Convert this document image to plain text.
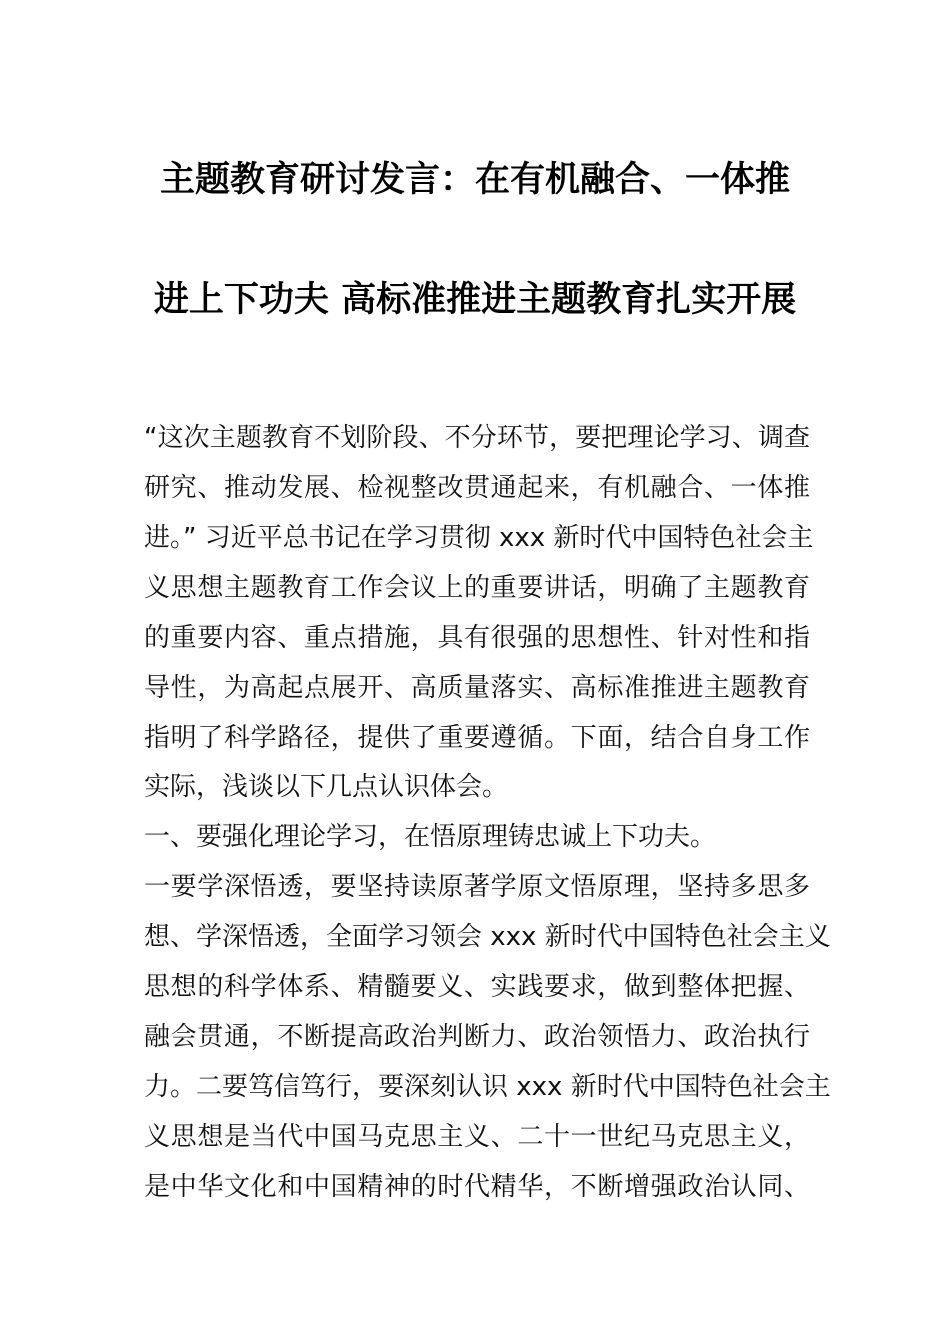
主题教育研讨发言：在有机融合、一体推
进上下功夫 高标准推进主题教育扎实开展
“这次主题教育不划阶段、不分环节，要把理论学习、调查
研究、推动发展、检视整改贯通起来，有机融合、一体推
进。” 习近平总书记在学习贯彻 xxx 新时代中国特色社会主
义思想主题教育工作会议上的重要讲话，明确了主题教育
的重要内容、重点措施，具有很强的思想性、针对性和指
导性，为高起点展开、高质量落实、高标准推进主题教育
指明了科学路径，提供了重要遵循。下面，结合自身工作
实际，浅谈以下几点认识体会。
一、要强化理论学习，在悟原理铸忠诚上下功夫。
一要学深悟透，要坚持读原著学原文悟原理，坚持多思多
想、学深悟透，全面学习领会 xxx 新时代中国特色社会主义
思想的科学体系、精髓要义、实践要求，做到整体把握、
融会贯通，不断提高政治判断力、政治领悟力、政治执行
力。二要笃信笃行，要深刻认识 xxx 新时代中国特色社会主
义思想是当代中国马克思主义、二十一世纪马克思主义，
是中华文化和中国精神的时代精华，不断增强政治认同、
